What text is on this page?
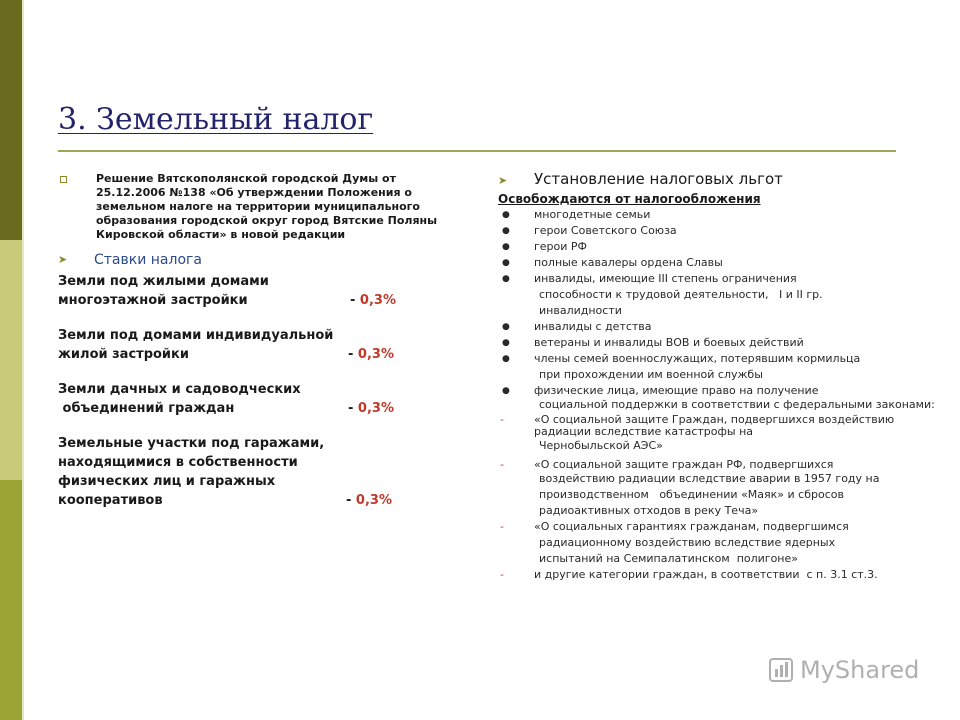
3. Земельный налог
Решение Вятскополянской городской Думы от 25.12.2006 №138 «Об утверждении Положения о земельном налоге на территории муниципального образования городской округ город Вятские Поляны Кировской области» в новой редакции
➤ Ставки налога
Земли под жилыми домами
многоэтажной застройки	- 0,3%
Земли под домами индивидуальной
жилой застройки	- 0,3%
Земли дачных и садоводческих
объединений граждан	- 0,3%
Земельные участки под гаражами,
находящимися в собственности
физических лиц и гаражных
кооперативов	- 0,3%
➤ Установление налоговых льгот
Освобождаются от налогообложения
● многодетные семьи
● герои Советского Союза
● герои РФ
● полные кавалеры ордена Славы
● инвалиды, имеющие III степень ограничения
способности к трудовой деятельности,   I и II гр.
инвалидности
● инвалиды с детства
● ветераны и инвалиды ВОВ и боевых действий
● члены семей военнослужащих, потерявшим кормильца
при прохождении им военной службы
● физические лица, имеющие право на получение
социальной поддержки в соответствии с федеральными законами:
-	«О социальной защите Граждан, подвергшихся воздействию радиации вследствие катастрофы на
Чернобыльской АЭС»
-	«О социальной защите граждан РФ, подвергшихся
воздействию радиации вследствие аварии в 1957 году на
производственном   объединении «Маяк» и сбросов
радиоактивных отходов в реку Теча»
-	«О социальных гарантиях гражданам, подвергшимся
радиационному воздействию вследствие ядерных
испытаний на Семипалатинском  полигоне»
-	и другие категории граждан, в соответствии  с п. 3.1 ст.3.
MyShared
